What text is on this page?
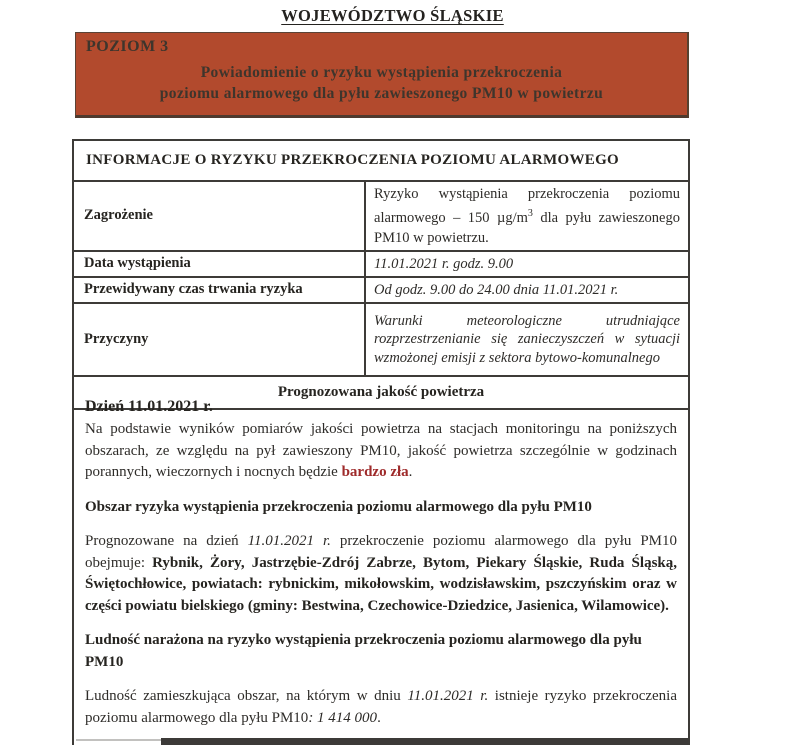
WOJEWÓDZTWO ŚLĄSKIE
POZIOM 3
Powiadomienie o ryzyku wystąpienia przekroczenia
poziomu alarmowego dla pyłu zawieszonego PM10 w powietrzu
INFORMACJE O RYZYKU PRZEKROCZENIA POZIOMU ALARMOWEGO	
Zagrożenie	Ryzyko wystąpienia przekroczenia poziomu alarmowego – 150 $\mu g/m^3$ dla pyłu zawieszonego PM10 w powietrzu.
Data wystąpienia	11.01.2021 r. godz. 9.00
Przewidywany czas trwania ryzyka	Od godz. 9.00 do 24.00 dnia 11.01.2021 r.
Przyczyny	Warunki meteorologiczne utrudniające rozprzestrzenianie się zanieczyszczeń w sytuacji wzmożonej emisji z sektora bytowo-komunalnego
Prognozowana jakość powietrza	
Dzień 11.01.2021 r.

Na podstawie wyników pomiarów jakości powietrza na stacjach monitoringu na poniższych obszarach, ze względu na pył zawieszony PM10, jakość powietrza szczególnie w godzinach porannych, wieczornych i nocnych będzie bardzo zła.

Obszar ryzyka wystąpienia przekroczenia poziomu alarmowego dla pyłu PM10

Prognozowane na dzień 11.01.2021 r. przekroczenie poziomu alarmowego dla pyłu PM10 obejmuje: Rybnik, Żory, Jastrzębie-Zdrój Zabrze, Bytom, Piekary Śląskie, Ruda Śląską, Świętochłowice, powiatach: rybnickim, mikołowskim, wodzisławskim, pszczyńskim oraz w części powiatu bielskiego (gminy: Bestwina, Czechowice-Dziedzice, Jasienica, Wilamowice).

Ludność narażona na ryzyko wystąpienia przekroczenia poziomu alarmowego dla pyłu PM10

Ludność zamieszkująca obszar, na którym w dniu 11.01.2021 r. istnieje ryzyko przekroczenia poziomu alarmowego dla pyłu PM10: 1 414 000.
